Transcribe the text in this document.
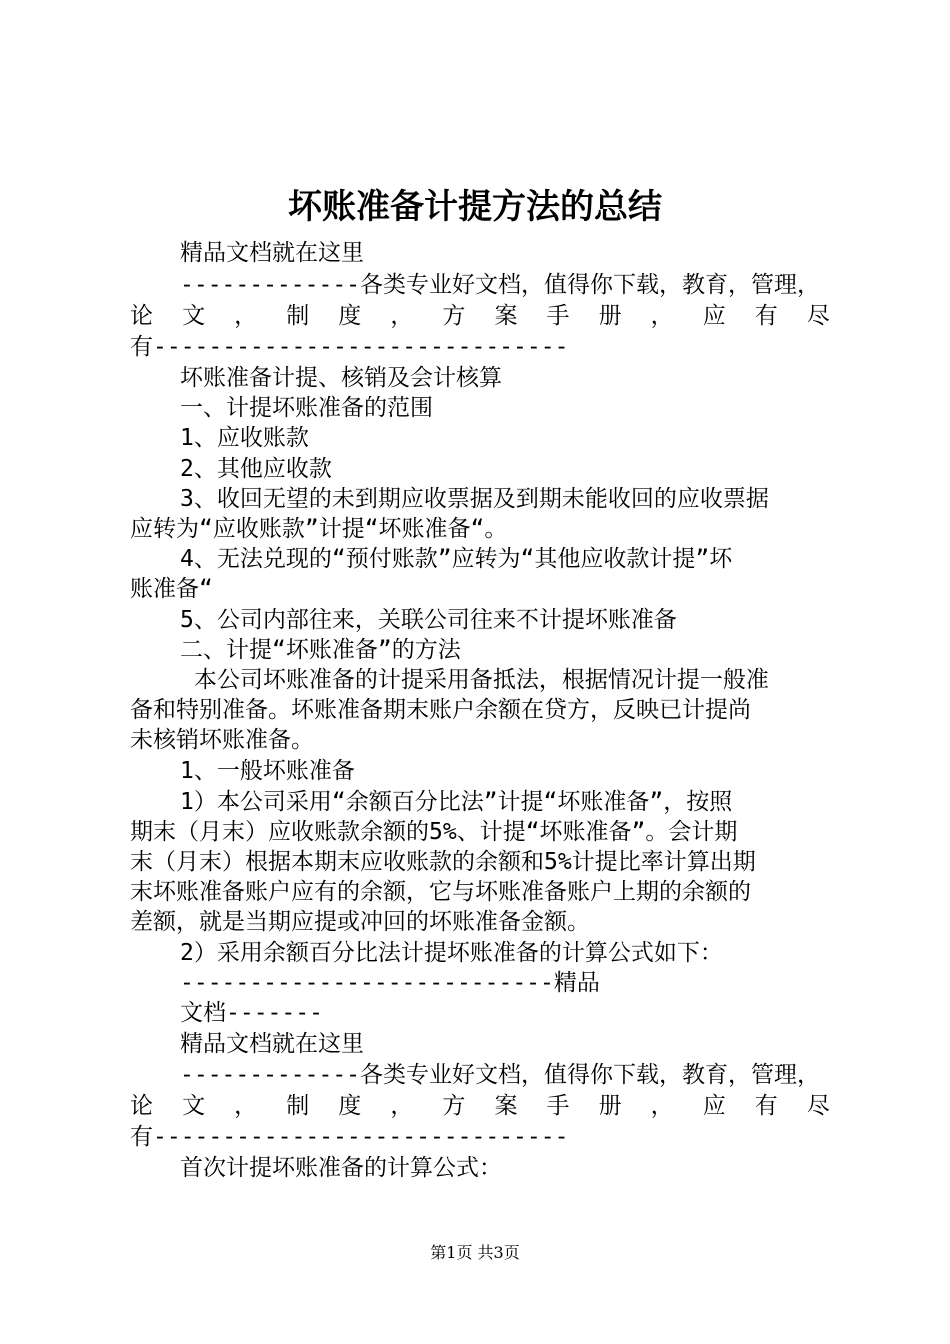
坏账准备计提方法的总结
精品文档就在这里
-------------各类专业好文档，值得你下载，教育，管理，
论 文 ， 制 度 ， 方 案 手 册 ， 应 有 尽
有------------------------------
坏账准备计提、核销及会计核算
一、计提坏账准备的范围
1、应收账款
2、其他应收款
3、收回无望的未到期应收票据及到期未能收回的应收票据
应转为“应收账款”计提“坏账准备“。
4、无法兑现的“预付账款”应转为“其他应收款计提”坏
账准备“
5、公司内部往来，关联公司往来不计提坏账准备
二、计提“坏账准备”的方法
本公司坏账准备的计提采用备抵法，根据情况计提一般准
备和特别准备。坏账准备期末账户余额在贷方，反映已计提尚
未核销坏账准备。
1、一般坏账准备
1）本公司采用“余额百分比法”计提“坏账准备”，按照
期末（月末）应收账款余额的5%、计提“坏账准备”。会计期
末（月末）根据本期末应收账款的余额和5%计提比率计算出期
末坏账准备账户应有的余额，它与坏账准备账户上期的余额的
差额，就是当期应提或冲回的坏账准备金额。
2）采用余额百分比法计提坏账准备的计算公式如下：
---------------------------精品
文档-------
精品文档就在这里
-------------各类专业好文档，值得你下载，教育，管理，
论 文 ， 制 度 ， 方 案 手 册 ， 应 有 尽
有------------------------------
首次计提坏账准备的计算公式：
第1页 共3页
